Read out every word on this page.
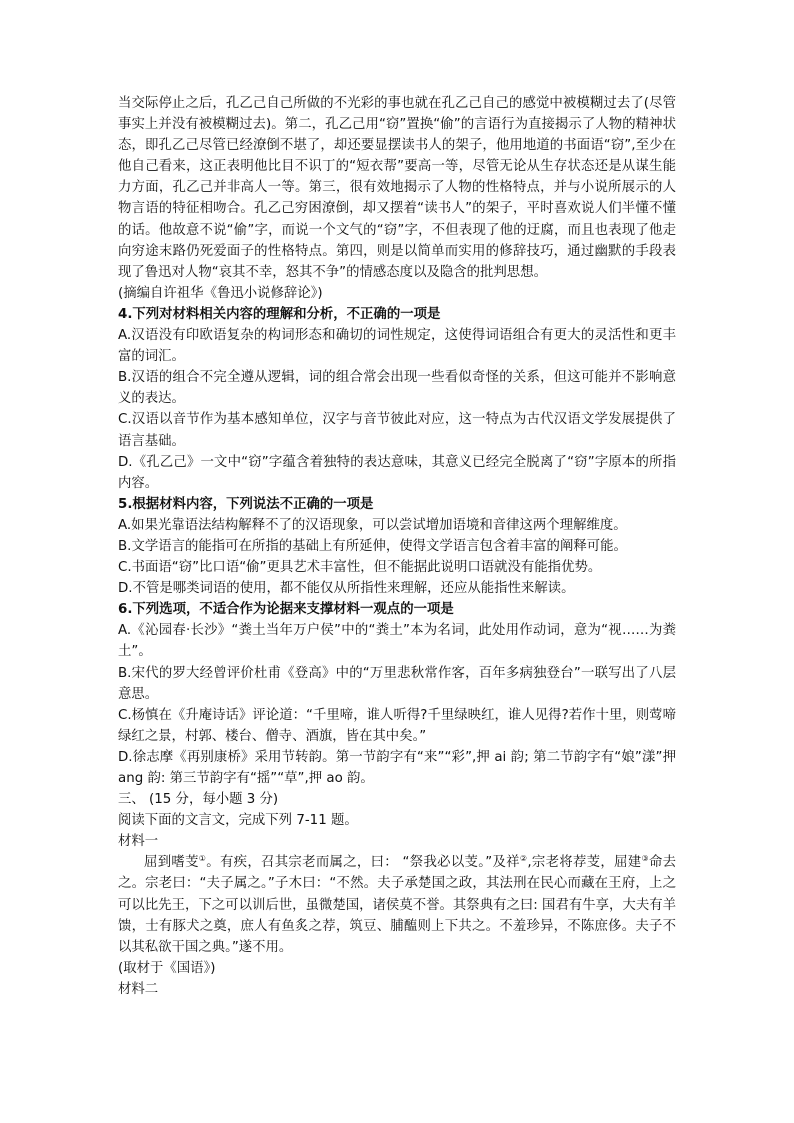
当交际停止之后，孔乙己自己所做的不光彩的事也就在孔乙己自己的感觉中被模糊过去了(尽管事实上并没有被模糊过去)。第二，孔乙己用“窃”置换“偷”的言语行为直接揭示了人物的精神状态，即孔乙己尽管已经潦倒不堪了，却还要显摆读书人的架子，他用地道的书面语“窃”,至少在他自己看来，这正表明他比目不识丁的“短衣帮”要高一等，尽管无论从生存状态还是从谋生能力方面，孔乙己并非高人一等。第三，很有效地揭示了人物的性格特点，并与小说所展示的人物言语的特征相吻合。孔乙己穷困潦倒，却又摆着“读书人”的架子，平时喜欢说人们半懂不懂的话。他故意不说“偷”字，而说一个文气的“窃”字，不但表现了他的迂腐，而且也表现了他走向穷途末路仍死爱面子的性格特点。第四，则是以简单而实用的修辞技巧，通过幽默的手段表现了鲁迅对人物“哀其不幸，怒其不争”的情感态度以及隐含的批判思想。

(摘编自许祖华《鲁迅小说修辞论》)

4.下列对材料相关内容的理解和分析，不正确的一项是

A.汉语没有印欧语复杂的构词形态和确切的词性规定，这使得词语组合有更大的灵活性和更丰富的词汇。

B.汉语的组合不完全遵从逻辑，词的组合常会出现一些看似奇怪的关系，但这可能并不影响意义的表达。

C.汉语以音节作为基本感知单位，汉字与音节彼此对应，这一特点为古代汉语文学发展提供了语言基础。

D.《孔乙己》一文中“窃”字蕴含着独特的表达意味，其意义已经完全脱离了“窃”字原本的所指内容。

5.根据材料内容，下列说法不正确的一项是

A.如果光靠语法结构解释不了的汉语现象，可以尝试增加语境和音律这两个理解维度。

B.文学语言的能指可在所指的基础上有所延伸，使得文学语言包含着丰富的阐释可能。

C.书面语“窃”比口语“偷”更具艺术丰富性，但不能据此说明口语就没有能指优势。

D.不管是哪类词语的使用，都不能仅从所指性来理解，还应从能指性来解读。

6.下列选项，不适合作为论据来支撑材料一观点的一项是

A.《沁园春·长沙》“粪土当年万户侯”中的“粪土”本为名词，此处用作动词，意为“视……为粪土”。

B.宋代的罗大经曾评价杜甫《登高》中的“万里悲秋常作客，百年多病独登台”一联写出了八层意思。

C.杨慎在《升庵诗话》评论道：“千里啼，谁人听得?千里绿映红，谁人见得?若作十里，则莺啼绿红之景，村郭、楼台、僧寺、酒旗，皆在其中矣。”

D.徐志摩《再别康桥》采用节转韵。第一节韵字有“来”“彩”,押 ai 韵; 第二节韵字有“娘”漾”押 ang 韵: 第三节韵字有“摇”“草”,押 ao 韵。

三、 (15 分，每小题 3 分)

阅读下面的文言文，完成下列 7-11 题。

材料一

屈到嗜芰①。有疾，召其宗老而属之，曰： “祭我必以芰。”及祥②,宗老将荐芰，屈建③命去之。宗老曰：“夫子属之。”子木曰：“不然。夫子承楚国之政，其法刑在民心而藏在王府，上之可以比先王，下之可以训后世，虽微楚国，诸侯莫不誉。其祭典有之曰: 国君有牛享，大夫有羊馈，士有豚犬之奠，庶人有鱼炙之荐，筑豆、脯醢则上下共之。不羞珍异，不陈庶侈。夫子不以其私欲干国之典。”遂不用。

(取材于《国语》)

材料二
